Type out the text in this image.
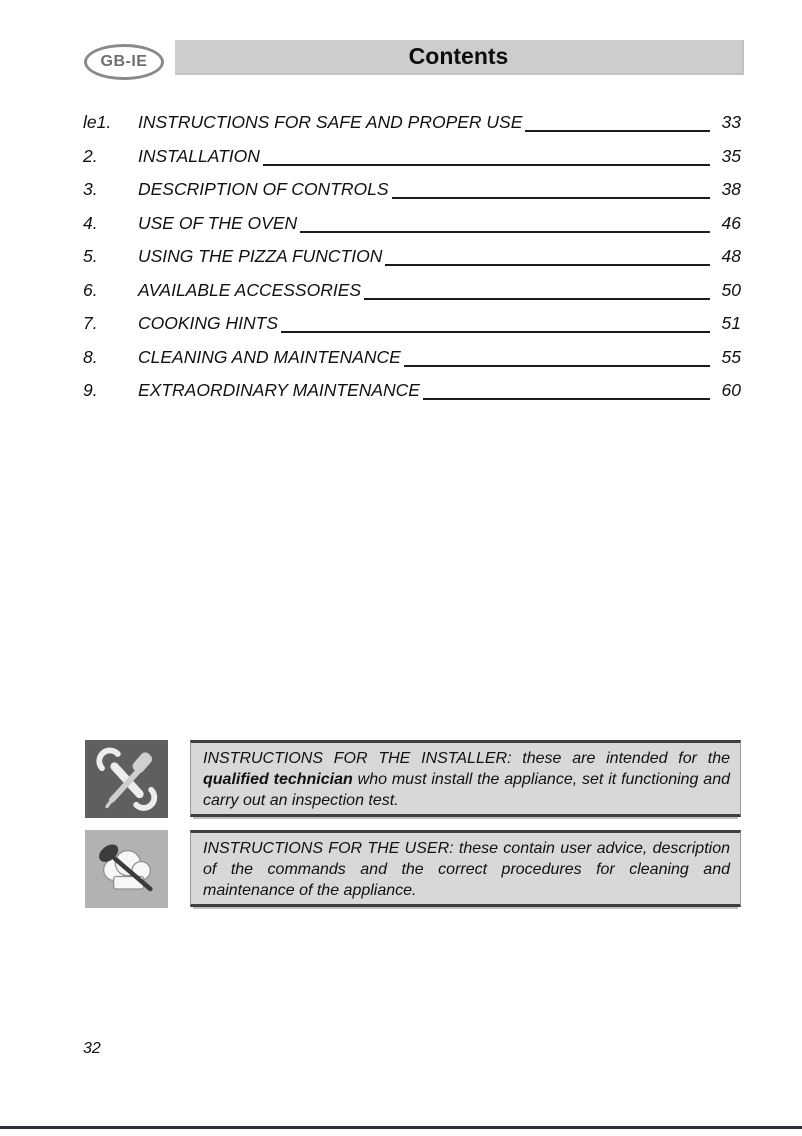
GB-IE	Contents
le1.	INSTRUCTIONS FOR SAFE AND PROPER USE	33
2.	INSTALLATION	35
3.	DESCRIPTION OF CONTROLS	38
4.	USE OF THE OVEN	46
5.	USING THE PIZZA FUNCTION	48
6.	AVAILABLE ACCESSORIES	50
7.	COOKING HINTS	51
8.	CLEANING AND MAINTENANCE	55
9.	EXTRAORDINARY MAINTENANCE	60
INSTRUCTIONS FOR THE INSTALLER: these are intended for the qualified technician who must install the appliance, set it functioning and carry out an inspection test.
INSTRUCTIONS FOR THE USER: these contain user advice, description of the commands and the correct procedures for cleaning and maintenance of the appliance.
32
